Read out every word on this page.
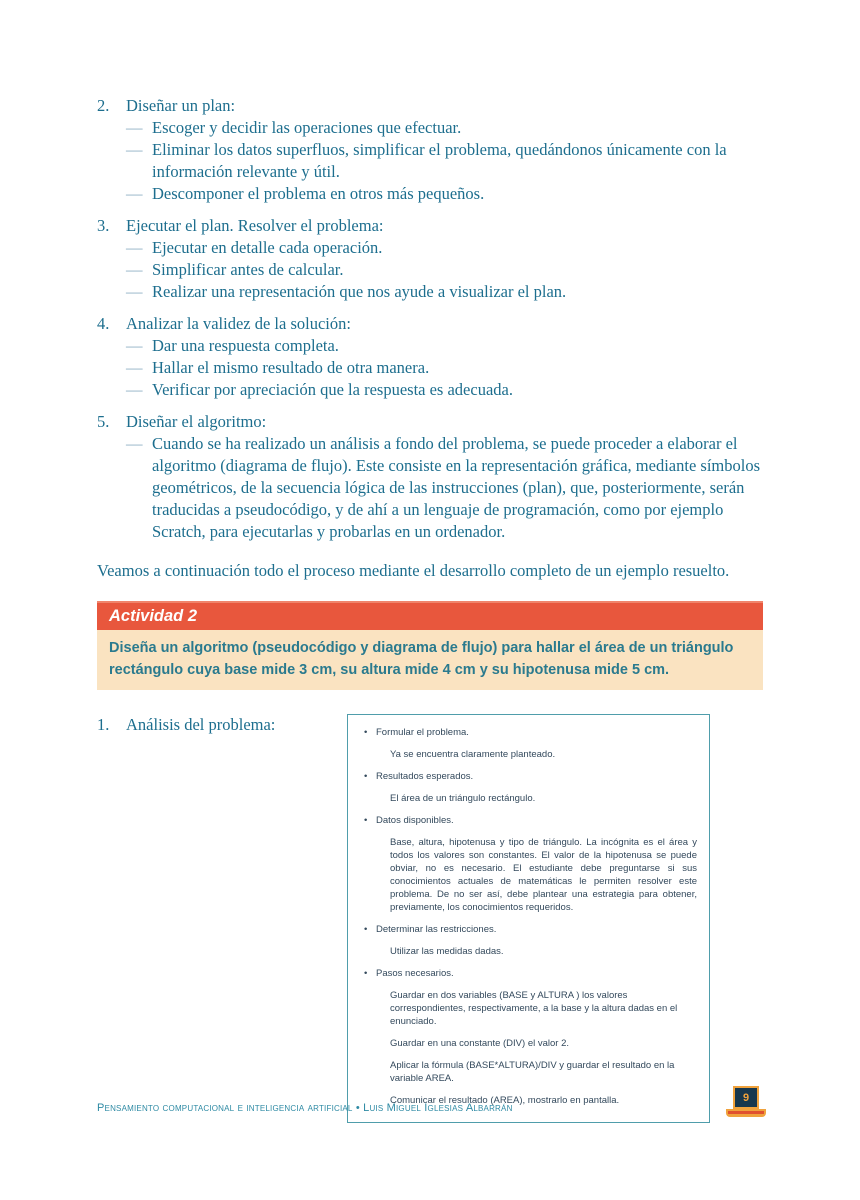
2.	Diseñar un plan:
— Escoger y decidir las operaciones que efectuar.
— Eliminar los datos superfluos, simplificar el problema, quedándonos únicamente con la información relevante y útil.
— Descomponer el problema en otros más pequeños.
3.	Ejecutar el plan. Resolver el problema:
— Ejecutar en detalle cada operación.
— Simplificar antes de calcular.
— Realizar una representación que nos ayude a visualizar el plan.
4.	Analizar la validez de la solución:
— Dar una respuesta completa.
— Hallar el mismo resultado de otra manera.
— Verificar por apreciación que la respuesta es adecuada.
5.	Diseñar el algoritmo:
— Cuando se ha realizado un análisis a fondo del problema, se puede proceder a elaborar el algoritmo (diagrama de flujo). Este consiste en la representación gráfica, mediante símbolos geométricos, de la secuencia lógica de las instrucciones (plan), que, posteriormente, serán traducidas a pseudocódigo, y de ahí a un lenguaje de programación, como por ejemplo Scratch, para ejecutarlas y probarlas en un ordenador.

Veamos a continuación todo el proceso mediante el desarrollo completo de un ejemplo resuelto.

Actividad 2
Diseña un algoritmo (pseudocódigo y diagrama de flujo) para hallar el área de un triángulo rectángulo cuya base mide 3 cm, su altura mide 4 cm y su hipotenusa mide 5 cm.
1.	Análisis del problema:	• Formular el problema.

Ya se encuentra claramente planteado.

• Resultados esperados.

El área de un triángulo rectángulo.

• Datos disponibles.

Base, altura, hipotenusa y tipo de triángulo. La incógnita es el área y todos los valores son constantes. El valor de la hipotenusa se puede obviar, no es necesario. El estudiante debe preguntarse si sus conocimientos actuales de matemáticas le permiten resolver este problema. De no ser así, debe plantear una estrategia para obtener, previamente, los conocimientos requeridos.

• Determinar las restricciones.

Utilizar las medidas dadas.

• Pasos necesarios.

Guardar en dos variables (BASE y ALTURA ) los valores correspondientes, respectivamente, a la base y la altura dadas en el enunciado.

Guardar en una constante (DIV) el valor 2.

Aplicar la fórmula (BASE*ALTURA)/DIV y guardar el resultado en la variable AREA.

Comunicar el resultado (AREA), mostrarlo en pantalla.

Pensamiento computacional e inteligencia artificial • Luis Miguel Iglesias Albarrán
9
